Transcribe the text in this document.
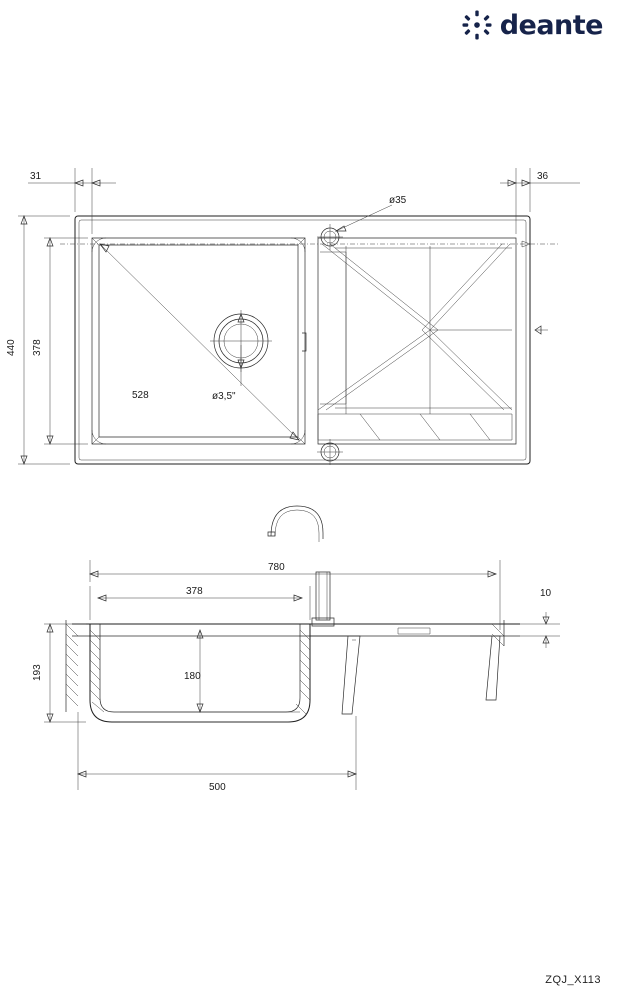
deante
528	ø3,5"
ø35
31	36
440 378
378
780
10
193	180
500
ZQJ_X113
